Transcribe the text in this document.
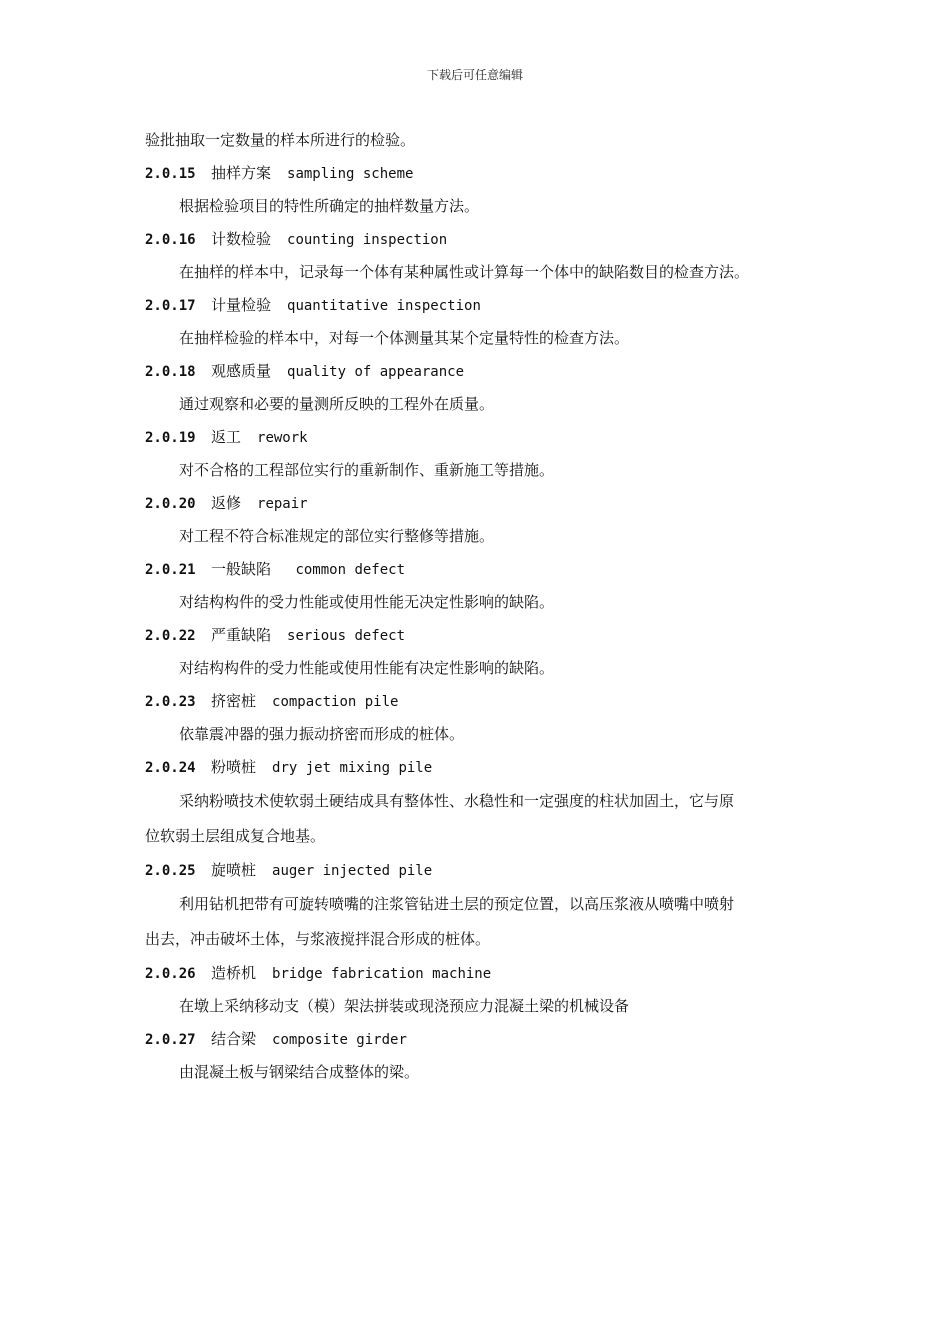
下载后可任意编辑
验批抽取一定数量的样本所进行的检验。
2.0.15 抽样方案 sampling scheme
根据检验项目的特性所确定的抽样数量方法。
2.0.16 计数检验 counting inspection
在抽样的样本中，记录每一个体有某种属性或计算每一个体中的缺陷数目的检查方法。
2.0.17 计量检验 quantitative inspection
在抽样检验的样本中，对每一个体测量其某个定量特性的检查方法。
2.0.18 观感质量 quality of appearance
通过观察和必要的量测所反映的工程外在质量。
2.0.19 返工 rework
对不合格的工程部位实行的重新制作、重新施工等措施。
2.0.20 返修 repair
对工程不符合标准规定的部位实行整修等措施。
2.0.21 一般缺陷 common defect
对结构构件的受力性能或使用性能无决定性影响的缺陷。
2.0.22 严重缺陷 serious defect
对结构构件的受力性能或使用性能有决定性影响的缺陷。
2.0.23 挤密桩 compaction pile
依靠震冲器的强力振动挤密而形成的桩体。
2.0.24 粉喷桩 dry jet mixing pile
采纳粉喷技术使软弱土硬结成具有整体性、水稳性和一定强度的柱状加固土，它与原
位软弱土层组成复合地基。
2.0.25 旋喷桩 auger injected pile
利用钻机把带有可旋转喷嘴的注浆管钻进土层的预定位置，以高压浆液从喷嘴中喷射
出去，冲击破坏土体，与浆液搅拌混合形成的桩体。
2.0.26 造桥机 bridge fabrication machine
在墩上采纳移动支（模）架法拼装或现浇预应力混凝土梁的机械设备
2.0.27 结合梁 composite girder
由混凝土板与钢梁结合成整体的梁。
